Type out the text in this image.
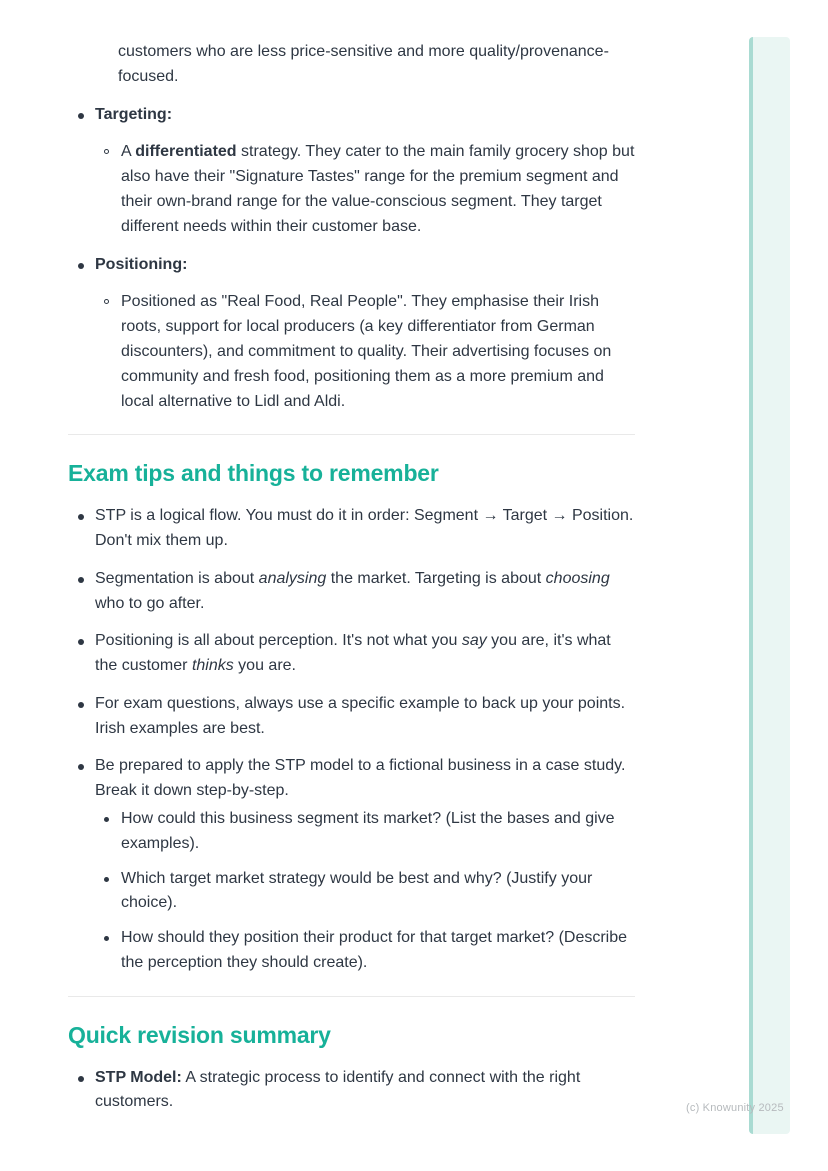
(c) Knowunity 2025
customers who are less price-sensitive and more quality/provenance-focused.
Targeting:
A differentiated strategy. They cater to the main family grocery shop but also have their "Signature Tastes" range for the premium segment and their own-brand range for the value-conscious segment. They target different needs within their customer base.
Positioning:
Positioned as "Real Food, Real People". They emphasise their Irish roots, support for local producers (a key differentiator from German discounters), and commitment to quality. Their advertising focuses on community and fresh food, positioning them as a more premium and local alternative to Lidl and Aldi.
Exam tips and things to remember
STP is a logical flow. You must do it in order: Segment → Target → Position. Don't mix them up.
Segmentation is about analysing the market. Targeting is about choosing who to go after.
Positioning is all about perception. It's not what you say you are, it's what the customer thinks you are.
For exam questions, always use a specific example to back up your points. Irish examples are best.
Be prepared to apply the STP model to a fictional business in a case study. Break it down step-by-step.
How could this business segment its market? (List the bases and give examples).
Which target market strategy would be best and why? (Justify your choice).
How should they position their product for that target market? (Describe the perception they should create).
Quick revision summary
STP Model: A strategic process to identify and connect with the right customers.
